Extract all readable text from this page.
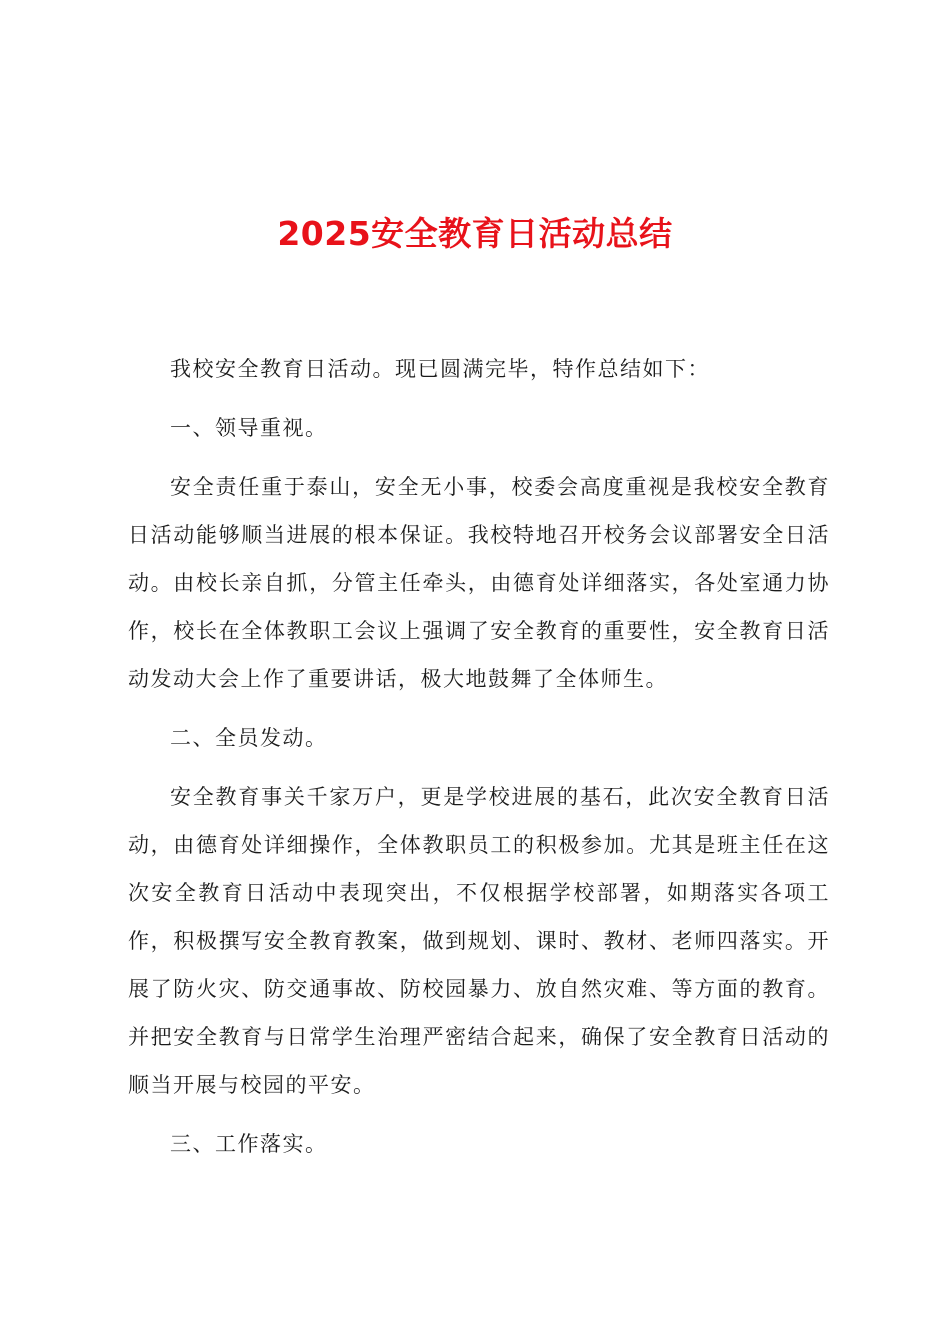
2025安全教育日活动总结

我校安全教育日活动。现已圆满完毕，特作总结如下：

一、领导重视。

安全责任重于泰山，安全无小事，校委会高度重视是我校安全教育日活动能够顺当进展的根本保证。我校特地召开校务会议部署安全日活动。由校长亲自抓，分管主任牵头，由德育处详细落实，各处室通力协作，校长在全体教职工会议上强调了安全教育的重要性，安全教育日活动发动大会上作了重要讲话，极大地鼓舞了全体师生。

二、全员发动。

安全教育事关千家万户，更是学校进展的基石，此次安全教育日活动，由德育处详细操作，全体教职员工的积极参加。尤其是班主任在这次安全教育日活动中表现突出，不仅根据学校部署，如期落实各项工作，积极撰写安全教育教案，做到规划、课时、教材、老师四落实。开展了防火灾、防交通事故、防校园暴力、放自然灾难、等方面的教育。并把安全教育与日常学生治理严密结合起来，确保了安全教育日活动的顺当开展与校园的平安。

三、工作落实。
